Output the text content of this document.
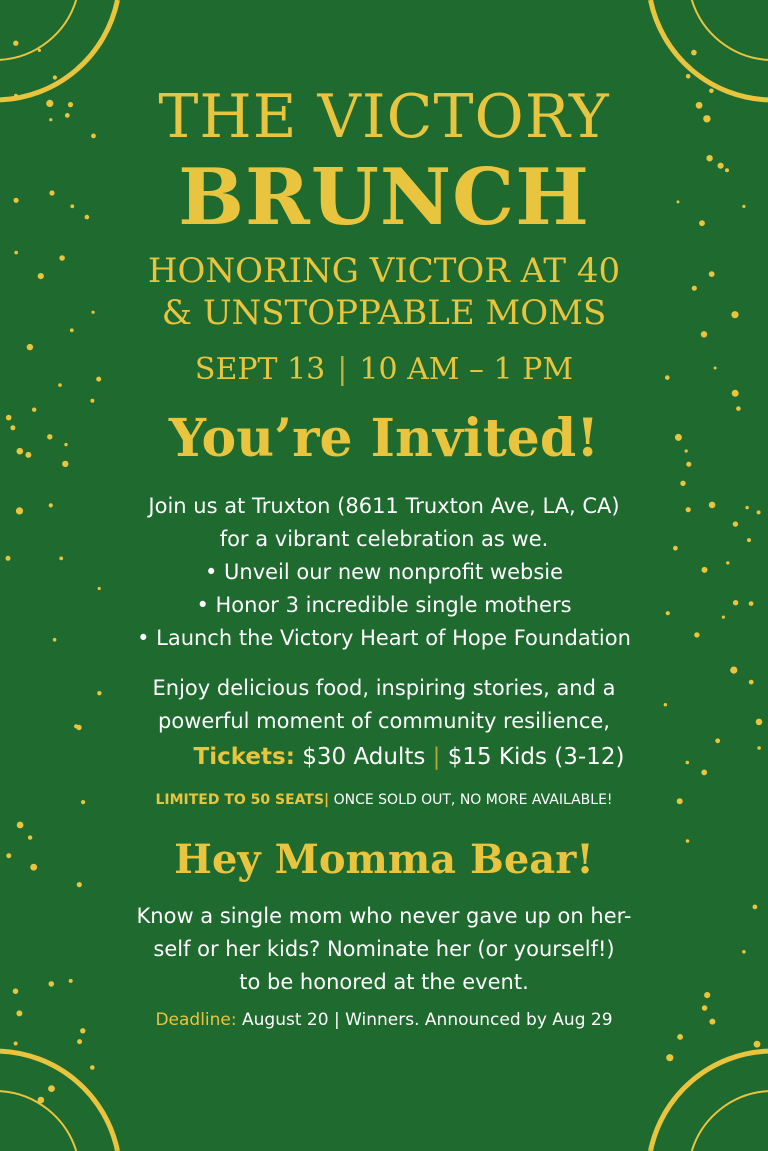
THE VICTORY
BRUNCH
HONORING VICTOR AT 40
& UNSTOPPABLE MOMS
SEPT 13 | 10 AM – 1 PM
You’re Invited!
Join us at Truxton (8611 Truxton Ave, LA, CA)
for a vibrant celebration as we.
• Unveil our new nonprofit websie
• Honor 3 incredible single mothers
• Launch the Victory Heart of Hope Foundation
Enjoy delicious food, inspiring stories, and a
powerful moment of community resilience,
Tickets: $30 Adults | $15 Kids (3-12)
LIMITED TO 50 SEATS| ONCE SOLD OUT, NO MORE AVAILABLE!
Hey Momma Bear!
Know a single mom who never gave up on her-
self or her kids? Nominate her (or yourself!)
to be honored at the event.
Deadline: August 20 | Winners. Announced by Aug 29
